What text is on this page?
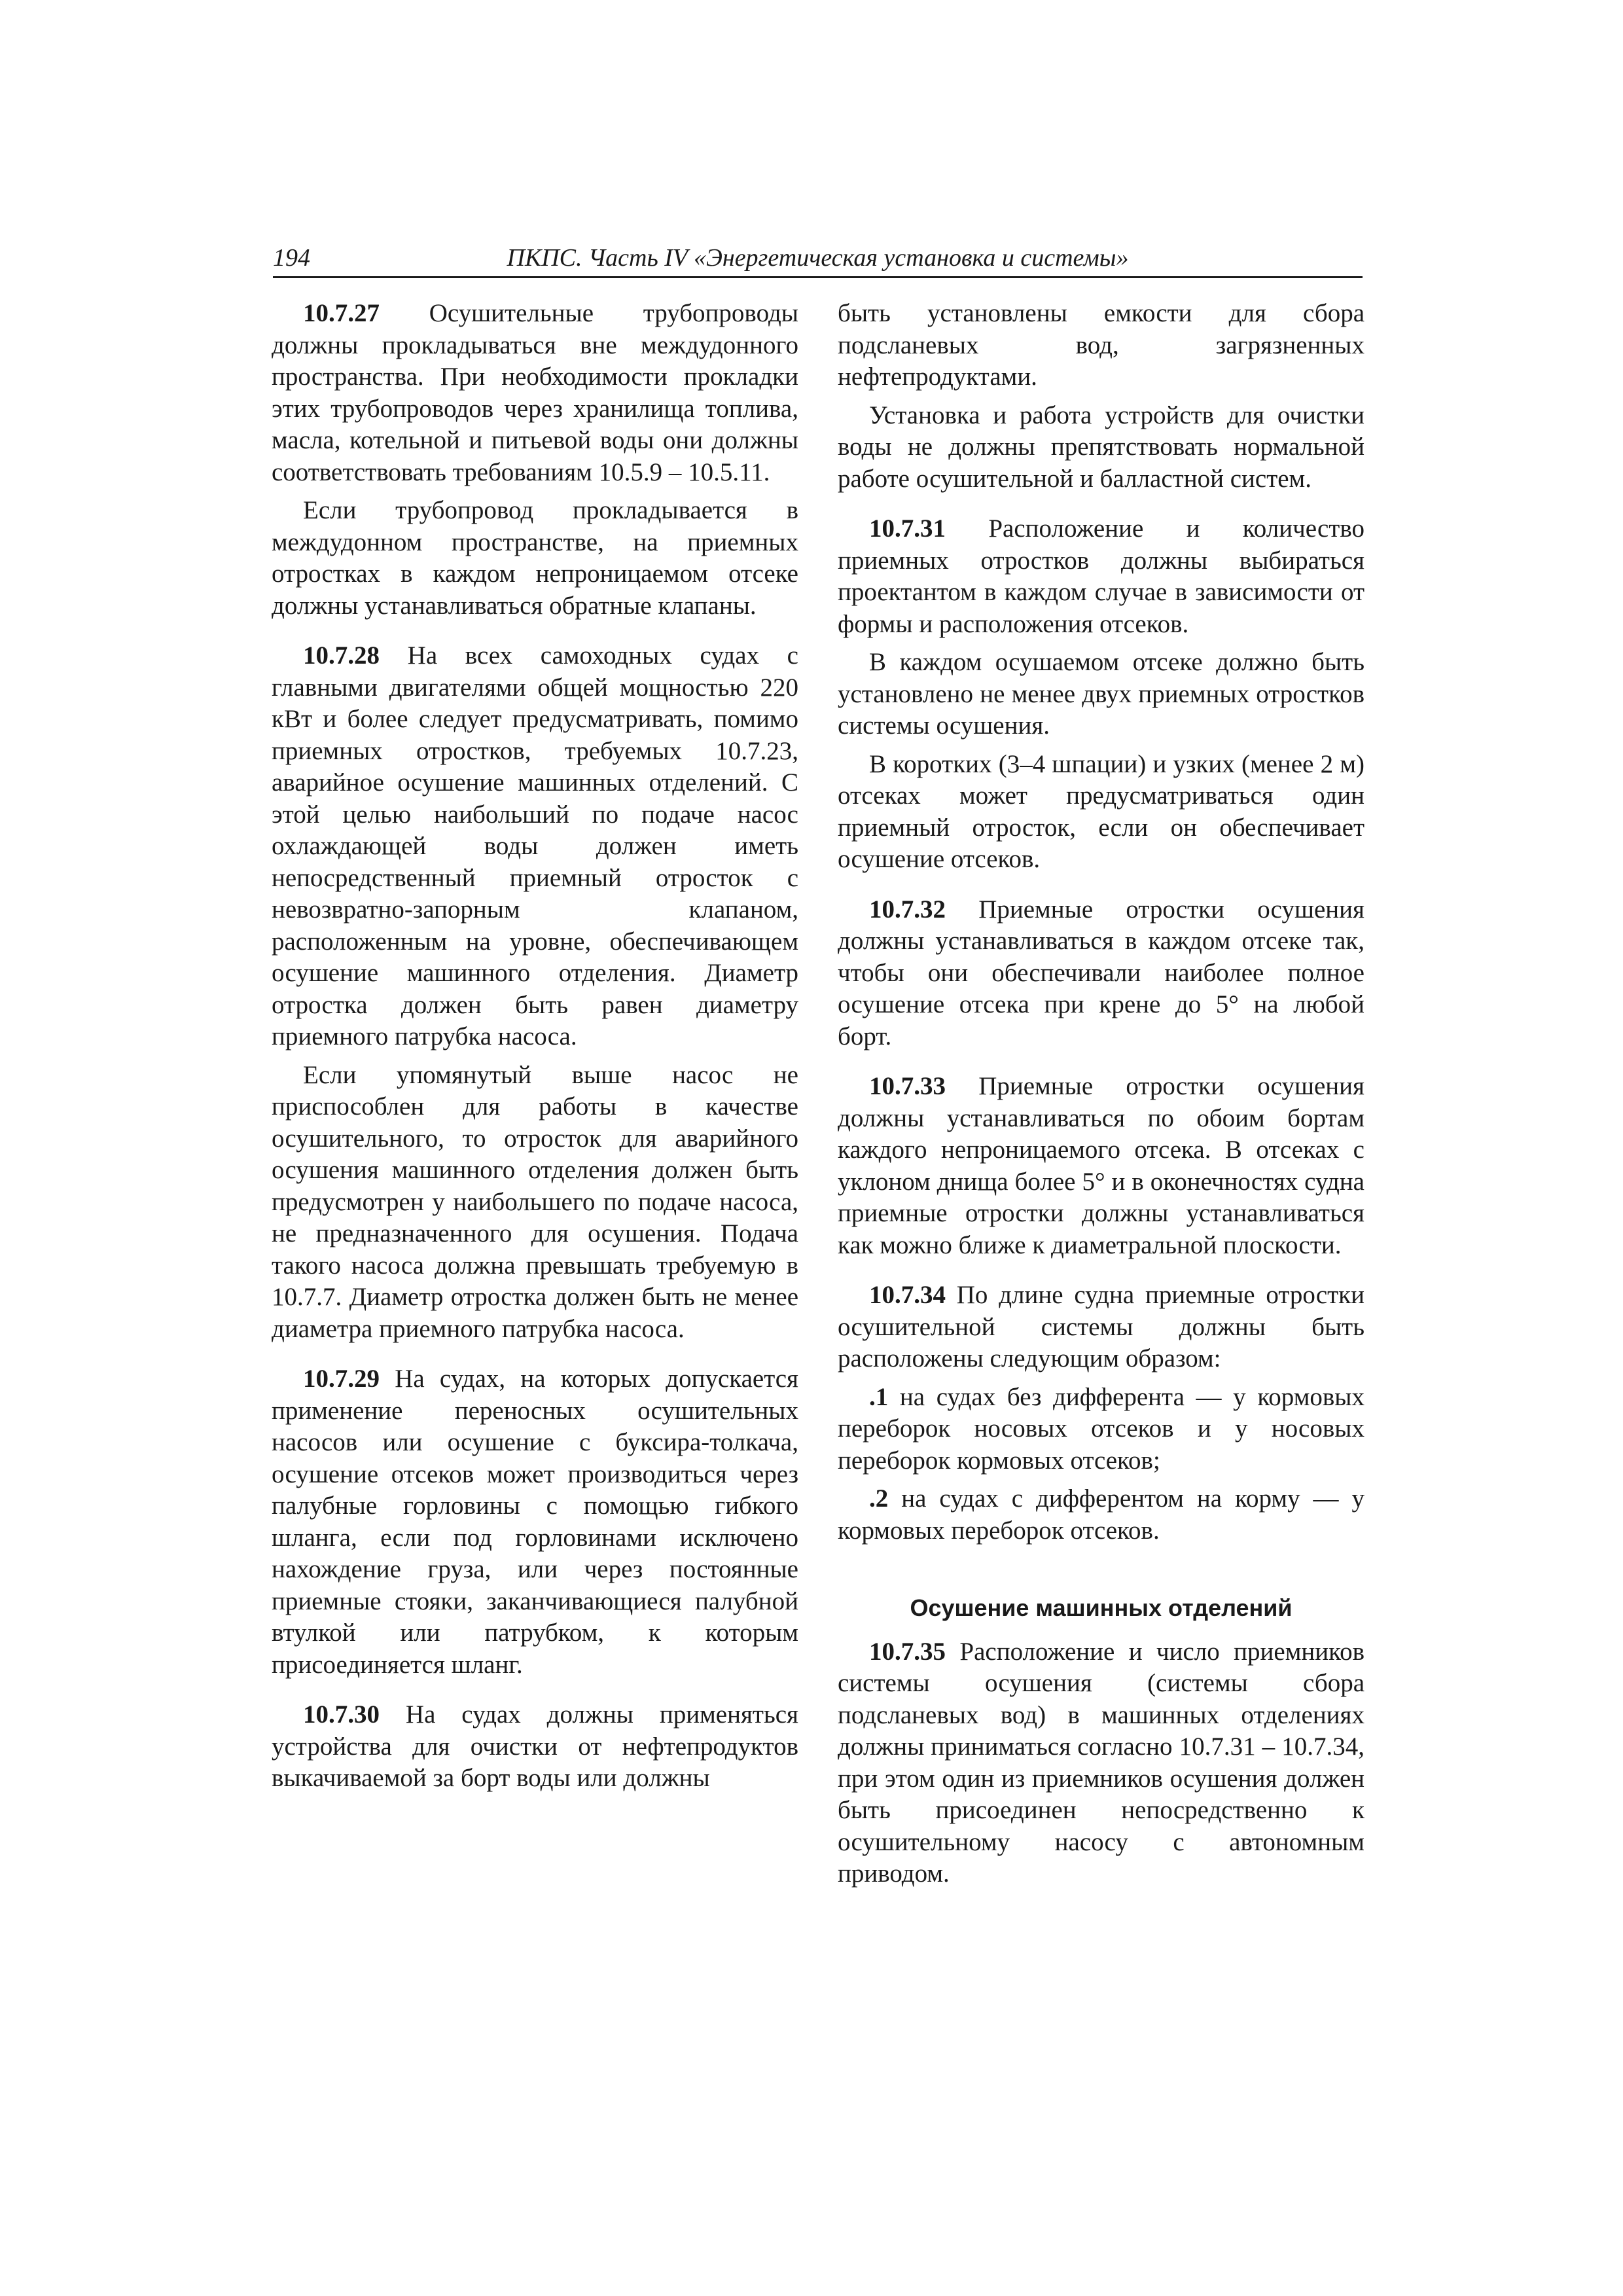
194	ПКПС. Часть IV «Энергетическая установка и системы»

10.7.27 Осушительные трубопроводы должны прокладываться вне междудонного пространства. При необходимости прокладки этих трубопроводов через хранилища топлива, масла, котельной и питьевой воды они должны соответствовать требованиям 10.5.9 – 10.5.11.

Если трубопровод прокладывается в междудонном пространстве, на приемных отростках в каждом непроницаемом отсеке должны устанавливаться обратные клапаны.

10.7.28 На всех самоходных судах с главными двигателями общей мощностью 220 кВт и более следует предусматривать, помимо приемных отростков, требуемых 10.7.23, аварийное осушение машинных отделений. С этой целью наибольший по подаче насос охлаждающей воды должен иметь непосредственный приемный отросток с невозвратно-запорным клапаном, расположенным на уровне, обеспечивающем осушение машинного отделения. Диаметр отростка должен быть равен диаметру приемного патрубка насоса.

Если упомянутый выше насос не приспособлен для работы в качестве осушительного, то отросток для аварийного осушения машинного отделения должен быть предусмотрен у наибольшего по подаче насоса, не предназначенного для осушения. Подача такого насоса должна превышать требуемую в 10.7.7. Диаметр отростка должен быть не менее диаметра приемного патрубка насоса.

10.7.29 На судах, на которых допускается применение переносных осушительных насосов или осушение с буксира-толкача, осушение отсеков может производиться через палубные горловины с помощью гибкого шланга, если под горловинами исключено нахождение груза, или через постоянные приемные стояки, заканчивающиеся палубной втулкой или патрубком, к которым присоединяется шланг.

10.7.30 На судах должны применяться устройства для очистки от нефтепродуктов выкачиваемой за борт воды или должны

быть установлены емкости для сбора подсланевых вод, загрязненных нефтепродуктами.

Установка и работа устройств для очистки воды не должны препятствовать нормальной работе осушительной и балластной систем.

10.7.31 Расположение и количество приемных отростков должны выбираться проектантом в каждом случае в зависимости от формы и расположения отсеков.

В каждом осушаемом отсеке должно быть установлено не менее двух приемных отростков системы осушения.

В коротких (3–4 шпации) и узких (менее 2 м) отсеках может предусматриваться один приемный отросток, если он обеспечивает осушение отсеков.

10.7.32 Приемные отростки осушения должны устанавливаться в каждом отсеке так, чтобы они обеспечивали наиболее полное осушение отсека при крене до 5° на любой борт.

10.7.33 Приемные отростки осушения должны устанавливаться по обоим бортам каждого непроницаемого отсека. В отсеках с уклоном днища более 5° и в оконечностях судна приемные отростки должны устанавливаться как можно ближе к диаметральной плоскости.

10.7.34 По длине судна приемные отростки осушительной системы должны быть расположены следующим образом:

.1 на судах без дифферента — у кормовых переборок носовых отсеков и у носовых переборок кормовых отсеков;

.2 на судах с дифферентом на корму — у кормовых переборок отсеков.

Осушение машинных отделений

10.7.35 Расположение и число приемников системы осушения (системы сбора подсланевых вод) в машинных отделениях должны приниматься согласно 10.7.31 – 10.7.34, при этом один из приемников осушения должен быть присоединен непосредственно к осушительному насосу с автономным приводом.
